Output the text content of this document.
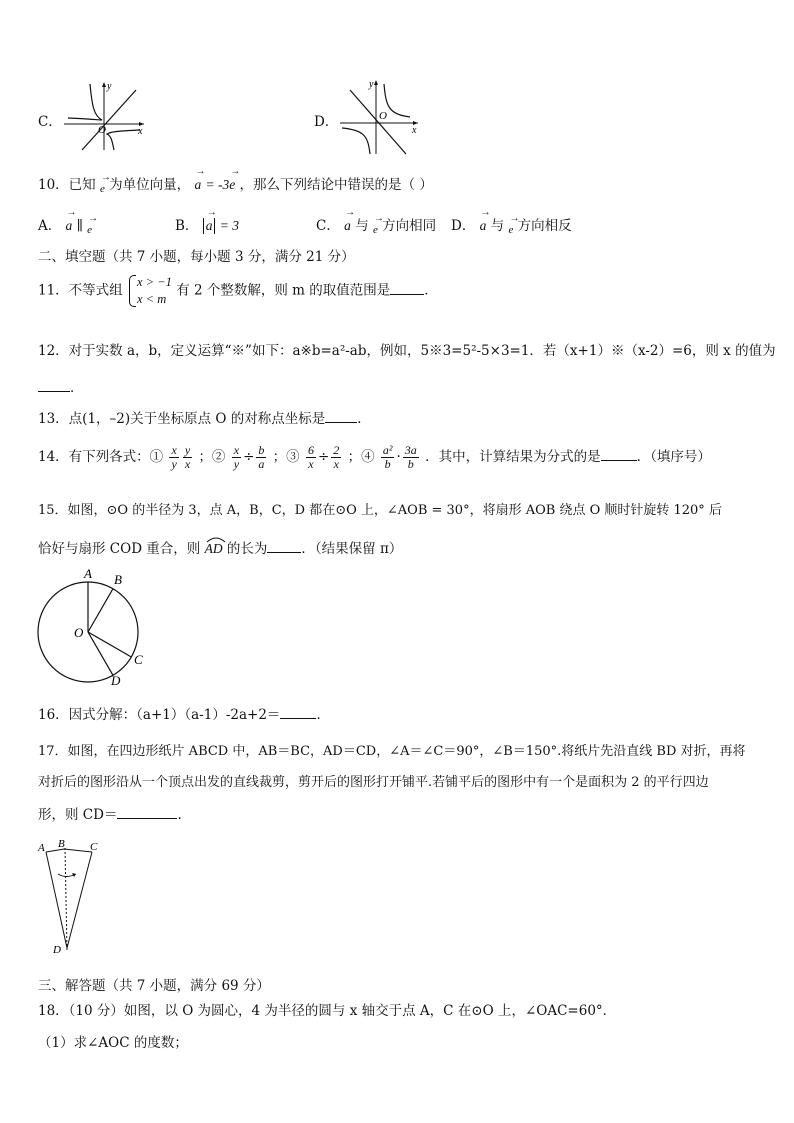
C．
y
x
O	D．
y
x
O
10．已知 → e 为单位向量， → a = -3→ e ，那么下列结论中错误的是（ ）
A． → a ∥ → e	B． → a = 3	C． → a 与 → e 方向相同 D． → a 与 → e 方向相反
二、填空题（共 7 小题，每小题 3 分，满分 21 分）
11．不等式组
x > −1
x < m
有 2 个整数解，则 m 的取值范围是	．
12．对于实数 a，b，定义运算“※”如下：a※b=a²-ab，例如，5※3=5²-5×3=1．若（x+1）※（x-2）=6，则 x 的值为
．
13．点(1，–2)关于坐标原点 O 的对称点坐标是 ．
14．有下列各式：① $\frac{x}{y} \frac{y}{x}$ ；② $\frac{x}{y} \div \frac{b}{a}$ ；③ $\frac{6}{x} \div \frac{2}{x}$ ；④ $\frac{\text{a²}}{b} \cdot \frac{3a}{b}$ ．其中，计算结果为分式的是	．（填序号）
15．如图，⊙O 的半径为 3，点 A，B，C，D 都在⊙O 上，∠AOB = 30°，将扇形 AOB 绕点 O 顺时针旋转 120° 后
恰好与扇形 COD 重合，则 AD 的长为	．（结果保留 π）
A B
C
D
O
16．因式分解：（a+1）（a-1）-2a+2＝	．
17．如图，在四边形纸片 ABCD 中，AB＝BC，AD＝CD，∠A＝∠C＝90°，∠B＝150°.将纸片先沿直线 BD 对折，再将
对折后的图形沿从一个顶点出发的直线裁剪，剪开后的图形打开铺平.若铺平后的图形中有一个是面积为 2 的平行四边
形，则 CD＝	.
A B C
D
三、解答题（共 7 小题，满分 69 分）
18．（10 分）如图，以 O 为圆心，4 为半径的圆与 x 轴交于点 A，C 在⊙O 上，∠OAC=60°．
（1）求∠AOC 的度数；
